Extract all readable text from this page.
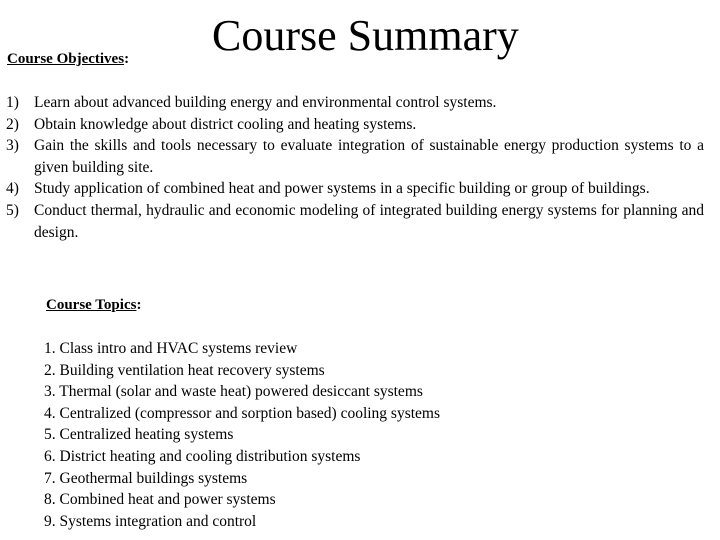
Course Summary
Course Objectives:
1) Learn about advanced building energy and environmental control systems.
2) Obtain knowledge about district cooling and heating systems.
3) Gain the skills and tools necessary to evaluate integration of sustainable energy production systems to a given building site.
4) Study application of combined heat and power systems in a specific building or group of buildings.
5) Conduct thermal, hydraulic and economic modeling of integrated building energy systems for planning and design.
Course Topics:
1. Class intro and HVAC systems review
2. Building ventilation heat recovery systems
3. Thermal (solar and waste heat) powered desiccant systems
4. Centralized (compressor and sorption based) cooling systems
5. Centralized heating systems
6. District heating and cooling distribution systems
7. Geothermal buildings systems
8. Combined heat and power systems
9. Systems integration and control
